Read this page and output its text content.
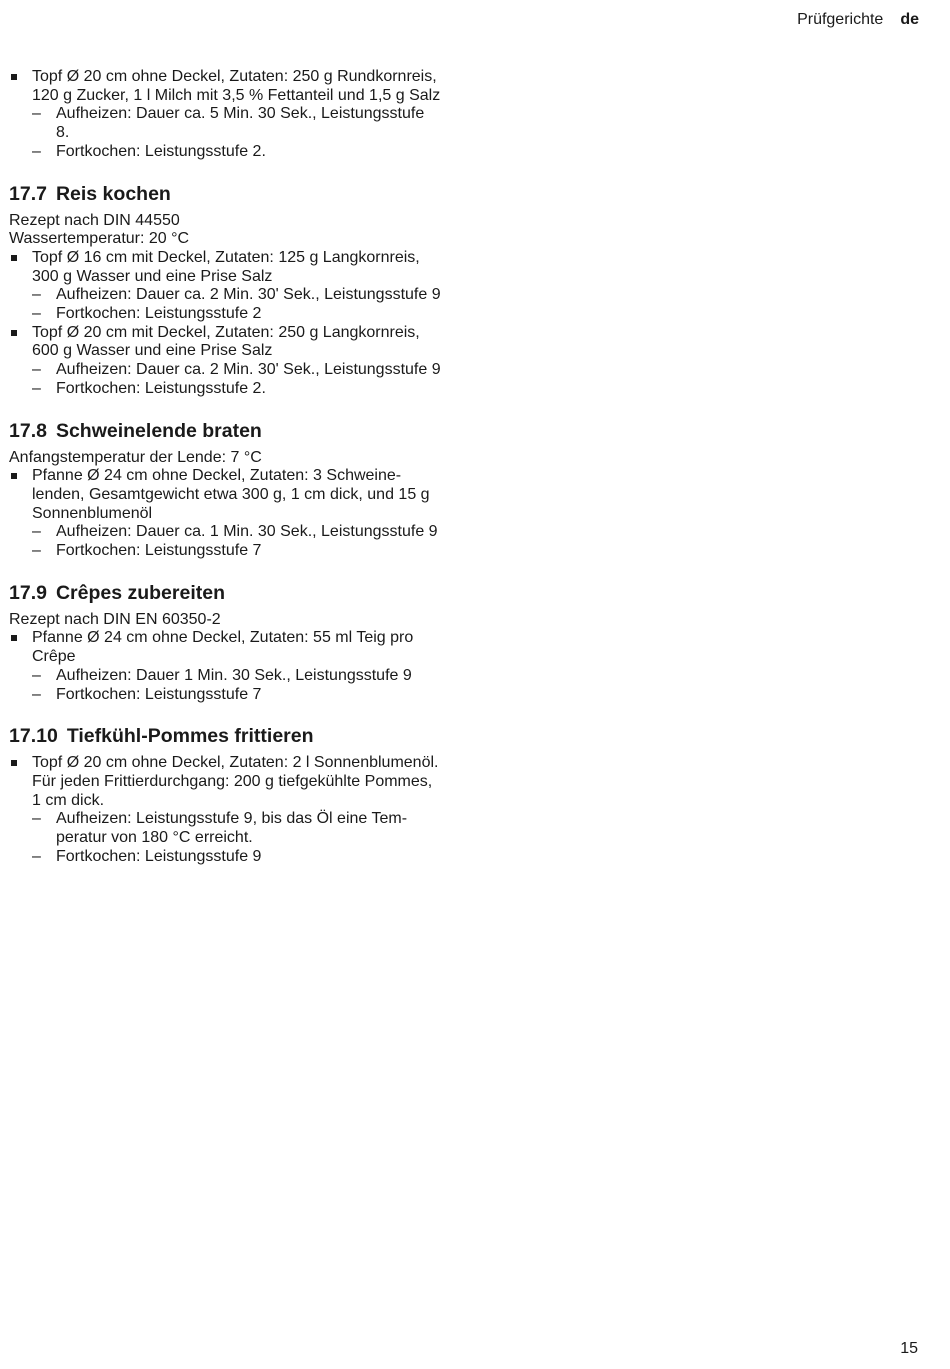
Prüfgerichte de
Topf Ø 20 cm ohne Deckel, Zutaten: 250 g Rundkornreis, 120 g Zucker, 1 l Milch mit 3,5 % Fettanteil und 1,5 g Salz
– Aufheizen: Dauer ca. 5 Min. 30 Sek., Leistungsstufe 8.
– Fortkochen: Leistungsstufe 2.
17.7 Reis kochen
Rezept nach DIN 44550
Wassertemperatur: 20 °C
Topf Ø 16 cm mit Deckel, Zutaten: 125 g Langkornreis, 300 g Wasser und eine Prise Salz
– Aufheizen: Dauer ca. 2 Min. 30' Sek., Leistungsstufe 9
– Fortkochen: Leistungsstufe 2
Topf Ø 20 cm mit Deckel, Zutaten: 250 g Langkornreis, 600 g Wasser und eine Prise Salz
– Aufheizen: Dauer ca. 2 Min. 30' Sek., Leistungsstufe 9
– Fortkochen: Leistungsstufe 2.
17.8 Schweinelende braten
Anfangstemperatur der Lende: 7 °C
Pfanne Ø 24 cm ohne Deckel, Zutaten: 3 Schweinelenden, Gesamtgewicht etwa 300 g, 1 cm dick, und 15 g Sonnenblumenöl
– Aufheizen: Dauer ca. 1 Min. 30 Sek., Leistungsstufe 9
– Fortkochen: Leistungsstufe 7
17.9 Crêpes zubereiten
Rezept nach DIN EN 60350-2
Pfanne Ø 24 cm ohne Deckel, Zutaten: 55 ml Teig pro Crêpe
– Aufheizen: Dauer 1 Min. 30 Sek., Leistungsstufe 9
– Fortkochen: Leistungsstufe 7
17.10 Tiefkühl-Pommes frittieren
Topf Ø 20 cm ohne Deckel, Zutaten: 2 l Sonnenblumenöl. Für jeden Frittierdurchgang: 200 g tiefgekühlte Pommes, 1 cm dick.
– Aufheizen: Leistungsstufe 9, bis das Öl eine Temperatur von 180 °C erreicht.
– Fortkochen: Leistungsstufe 9
15
